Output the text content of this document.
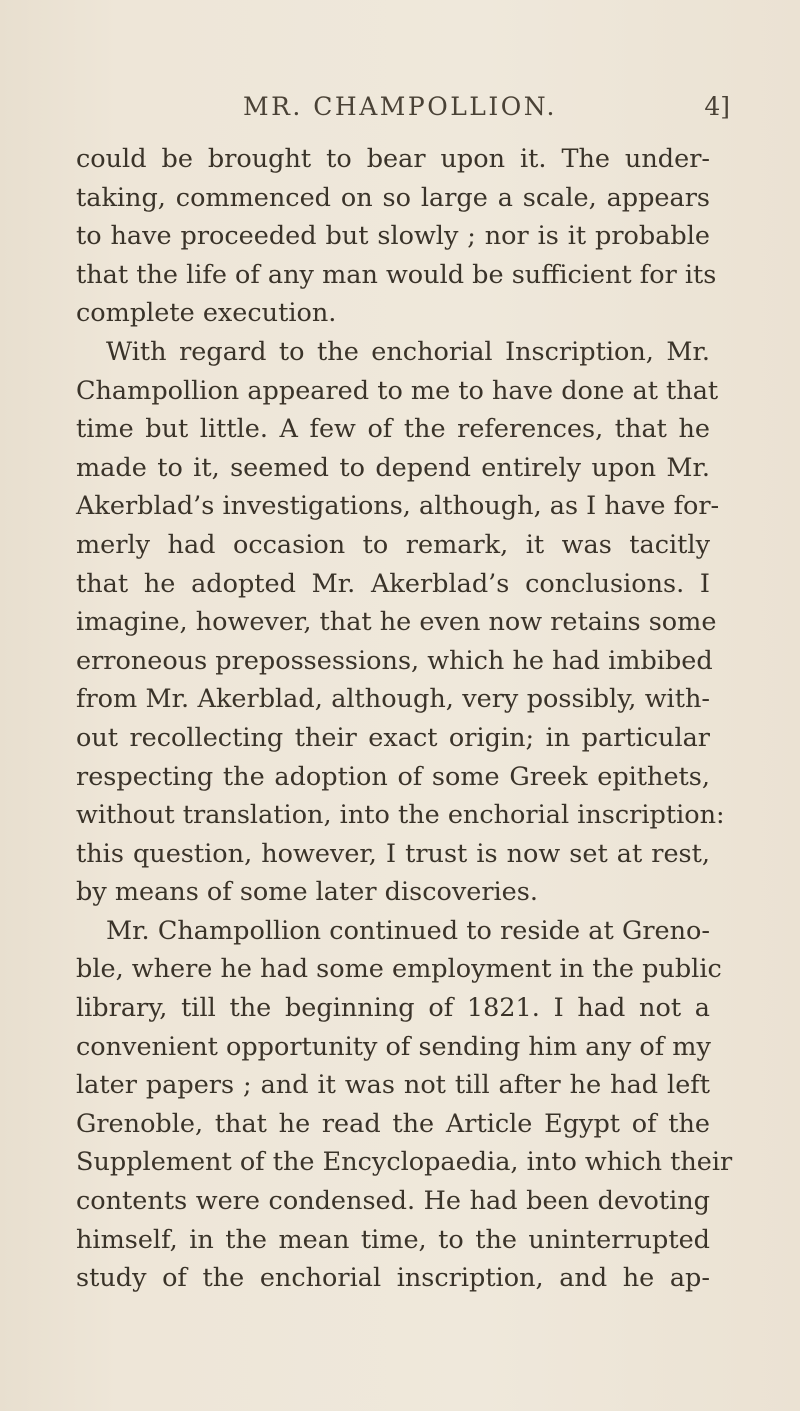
MR. CHAMPOLLION.	4]
could be brought to bear upon it. The under-
taking, commenced on so large a scale, appears
to have proceeded but slowly ; nor is it probable
that the life of any man would be sufficient for its
complete execution.
With regard to the enchorial Inscription, Mr.
Champollion appeared to me to have done at that
time but little. A few of the references, that he
made to it, seemed to depend entirely upon Mr.
Akerblad’s investigations, although, as I have for-
merly had occasion to remark, it was tacitly
that he adopted Mr. Akerblad’s conclusions. I
imagine, however, that he even now retains some
erroneous prepossessions, which he had imbibed
from Mr. Akerblad, although, very possibly, with-
out recollecting their exact origin; in particular
respecting the adoption of some Greek epithets,
without translation, into the enchorial inscription:
this question, however, I trust is now set at rest,
by means of some later discoveries.
Mr. Champollion continued to reside at Greno-
ble, where he had some employment in the public
library, till the beginning of 1821. I had not a
convenient opportunity of sending him any of my
later papers ; and it was not till after he had left
Grenoble, that he read the Article Egypt of the
Supplement of the Encyclopaedia, into which their
contents were condensed. He had been devoting
himself, in the mean time, to the uninterrupted
study of the enchorial inscription, and he ap-
